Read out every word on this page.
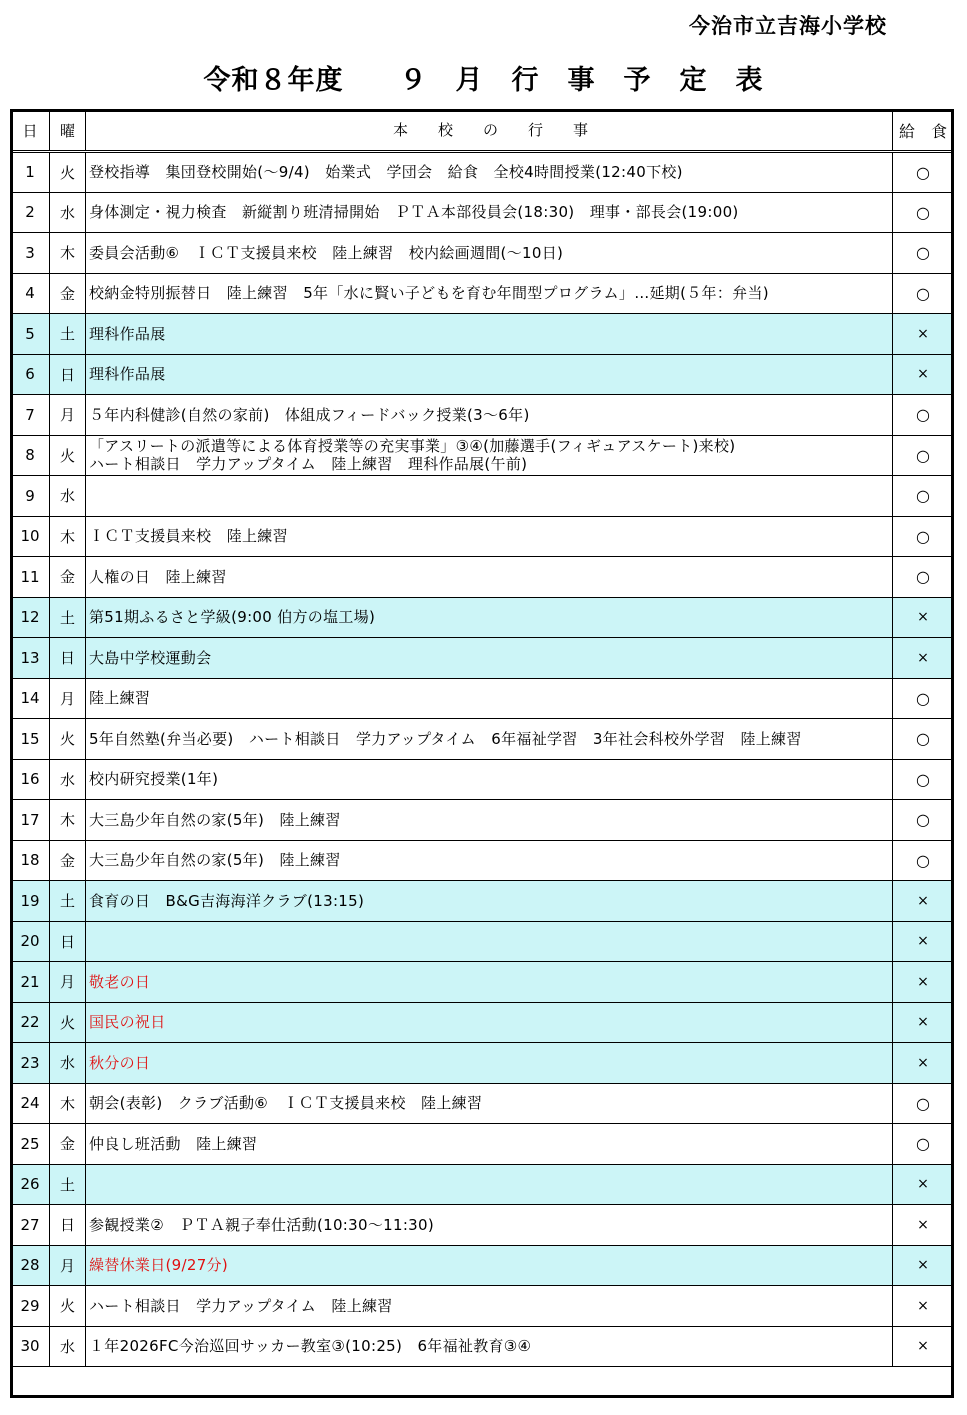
今治市立吉海小学校
令和８年度　　９　月　行　事　予　定　表
日	曜	本　　校　　の　　行　　事	給　食
1	火	登校指導　集団登校開始(～9/4)　始業式　学団会　給食　全校4時間授業(12:40下校)	○
2	水	身体測定・視力検査　新縦割り班清掃開始　ＰＴＡ本部役員会(18:30)　理事・部長会(19:00)	○
3	木	委員会活動⑥　ＩＣＴ支援員来校　陸上練習　校内絵画週間(～10日)	○
4	金	校納金特別振替日　陸上練習　5年「水に賢い子どもを育む年間型プログラム」…延期(５年：弁当)	○
5	土	理科作品展	×
6	日	理科作品展	×
7	月	５年内科健診(自然の家前)　体組成フィードバック授業(3～6年)	○
8	火	「アスリートの派遣等による体育授業等の充実事業」③④(加藤選手(フィギュアスケート)来校)
ハート相談日　学力アップタイム　陸上練習　理科作品展(午前)	○
9	水		○
10	木	ＩＣＴ支援員来校　陸上練習	○
11	金	人権の日　陸上練習	○
12	土	第51期ふるさと学級(9:00 伯方の塩工場)	×
13	日	大島中学校運動会	×
14	月	陸上練習	○
15	火	5年自然塾(弁当必要)　ハート相談日　学力アップタイム　6年福祉学習　3年社会科校外学習　陸上練習	○
16	水	校内研究授業(1年)	○
17	木	大三島少年自然の家(5年)　陸上練習	○
18	金	大三島少年自然の家(5年)　陸上練習	○
19	土	食育の日　B&G吉海海洋クラブ(13:15)	×
20	日		×
21	月	敬老の日	×
22	火	国民の祝日	×
23	水	秋分の日	×
24	木	朝会(表彰)　クラブ活動⑥　ＩＣＴ支援員来校　陸上練習	○
25	金	仲良し班活動　陸上練習	○
26	土		×
27	日	参観授業②　ＰＴＡ親子奉仕活動(10:30～11:30)	×
28	月	繰替休業日(9/27分)	×
29	火	ハート相談日　学力アップタイム　陸上練習	×
30	水	１年2026FC今治巡回サッカー教室③(10:25)　6年福祉教育③④	×
